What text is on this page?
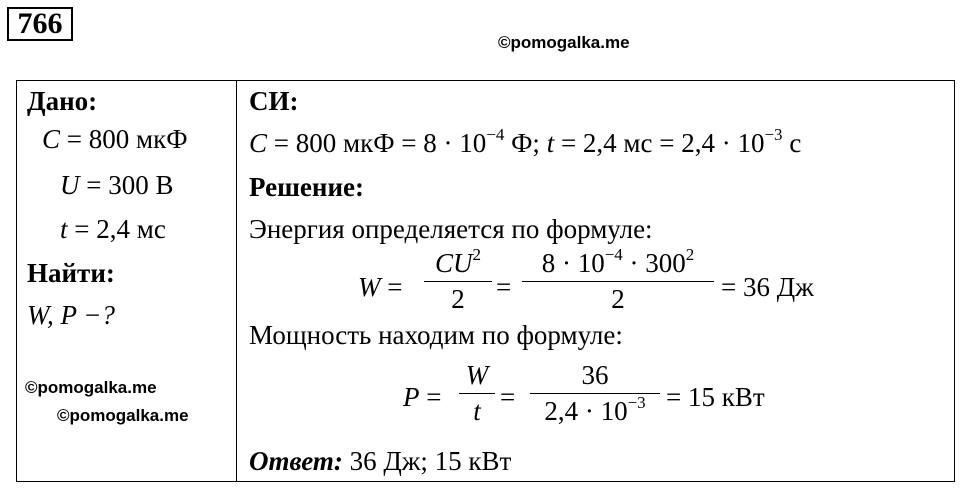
766
©pomogalka.me
Дано:
C = 800 мкФ
U = 300 В
t = 2,4 мс
Найти:
W, P −?
©pomogalka.me
©pomogalka.me
СИ:
C = 800 мкФ = $8 \cdot 10^{-4}$ Ф; t = 2,4 мс = $2,4 \cdot 10^{-3}$ с
Решение:
Энергия определяется по формуле:
W =
$CU^2$
2	=
$8 \cdot 10^{-4} \cdot 300^2$
2	= 36 Дж
Мощность находим по формуле:
P =
W
t =
36
$2,4 \cdot 10^{-3} = 15$ кВт
Ответ: 36 Дж; 15 кВт
